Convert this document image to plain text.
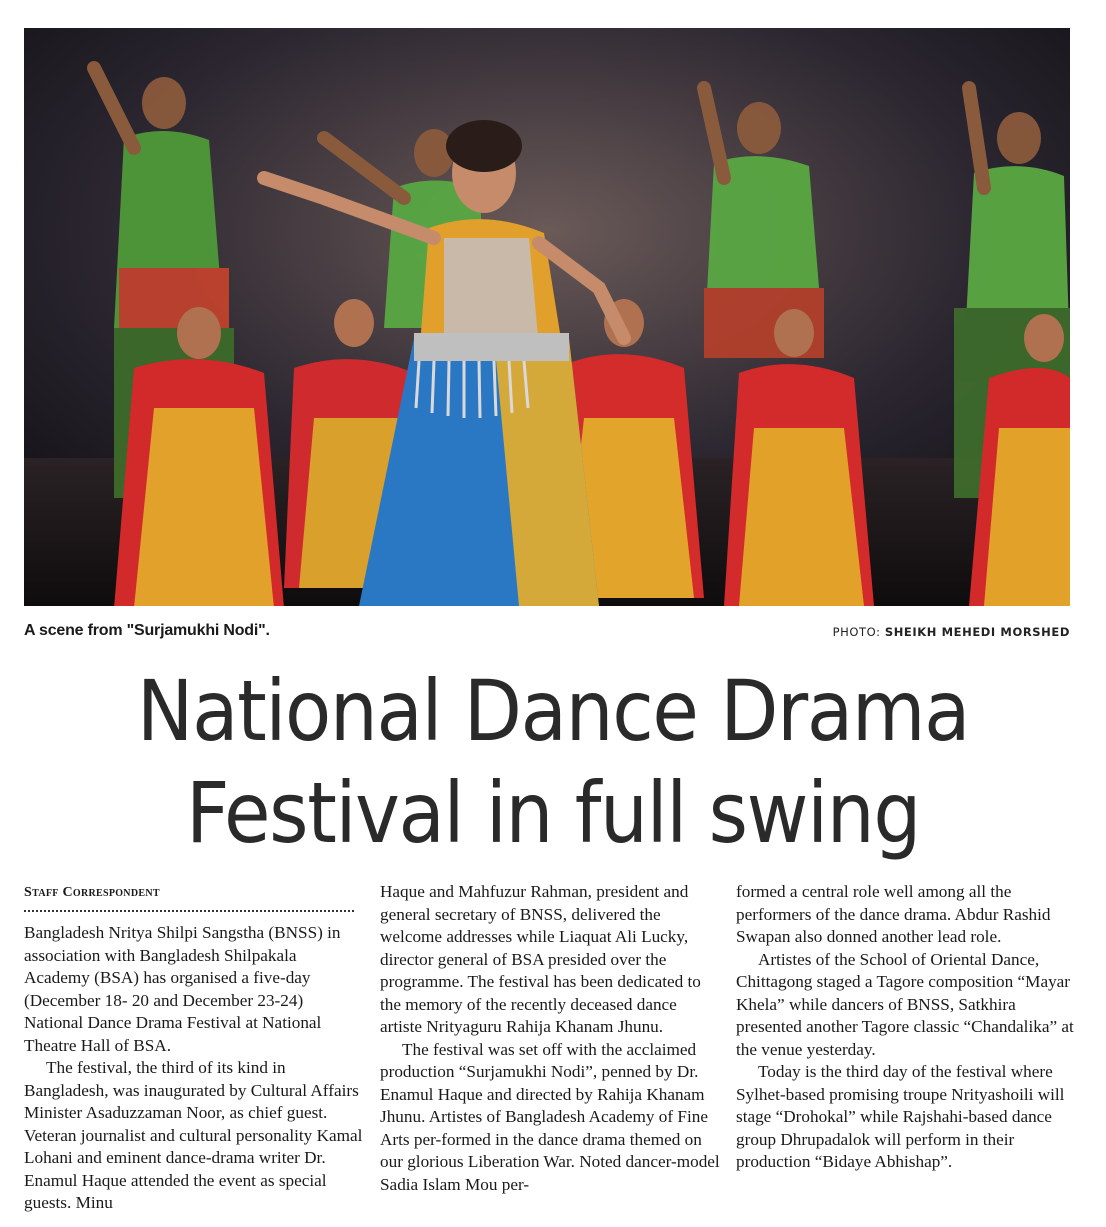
A scene from "Surjamukhi Nodi".	PHOTO: SHEIKH MEHEDI MORSHED
National Dance Drama
Festival in full swing
Staff Correspondent

Bangladesh Nritya Shilpi Sangstha (BNSS) in association with Bangladesh Shilpakala Academy (BSA) has organised a five-day (December 18- 20 and December 23-24) National Dance Drama Festival at National Theatre Hall of BSA.

The festival, the third of its kind in Bangladesh, was inaugurated by Cultural Affairs Minister Asaduzzaman Noor, as chief guest. Veteran journalist and cultural personality Kamal Lohani and eminent dance-drama writer Dr. Enamul Haque attended the event as special guests. Minu

Haque and Mahfuzur Rahman, president and general secretary of BNSS, delivered the welcome addresses while Liaquat Ali Lucky, director general of BSA presided over the programme. The festival has been dedicated to the memory of the recently deceased dance artiste Nrityaguru Rahija Khanam Jhunu.

The festival was set off with the acclaimed production “Surjamukhi Nodi”, penned by Dr. Enamul Haque and directed by Rahija Khanam Jhunu. Artistes of Bangladesh Academy of Fine Arts per-formed in the dance drama themed on our glorious Liberation War. Noted dancer-model Sadia Islam Mou per-

formed a central role well among all the performers of the dance drama. Abdur Rashid Swapan also donned another lead role.

Artistes of the School of Oriental Dance, Chittagong staged a Tagore composition “Mayar Khela” while dancers of BNSS, Satkhira presented another Tagore classic “Chandalika” at the venue yesterday.

Today is the third day of the festival where Sylhet-based promising troupe Nrityashoili will stage “Drohokal” while Rajshahi-based dance group Dhrupadalok will perform in their production “Bidaye Abhishap”.
